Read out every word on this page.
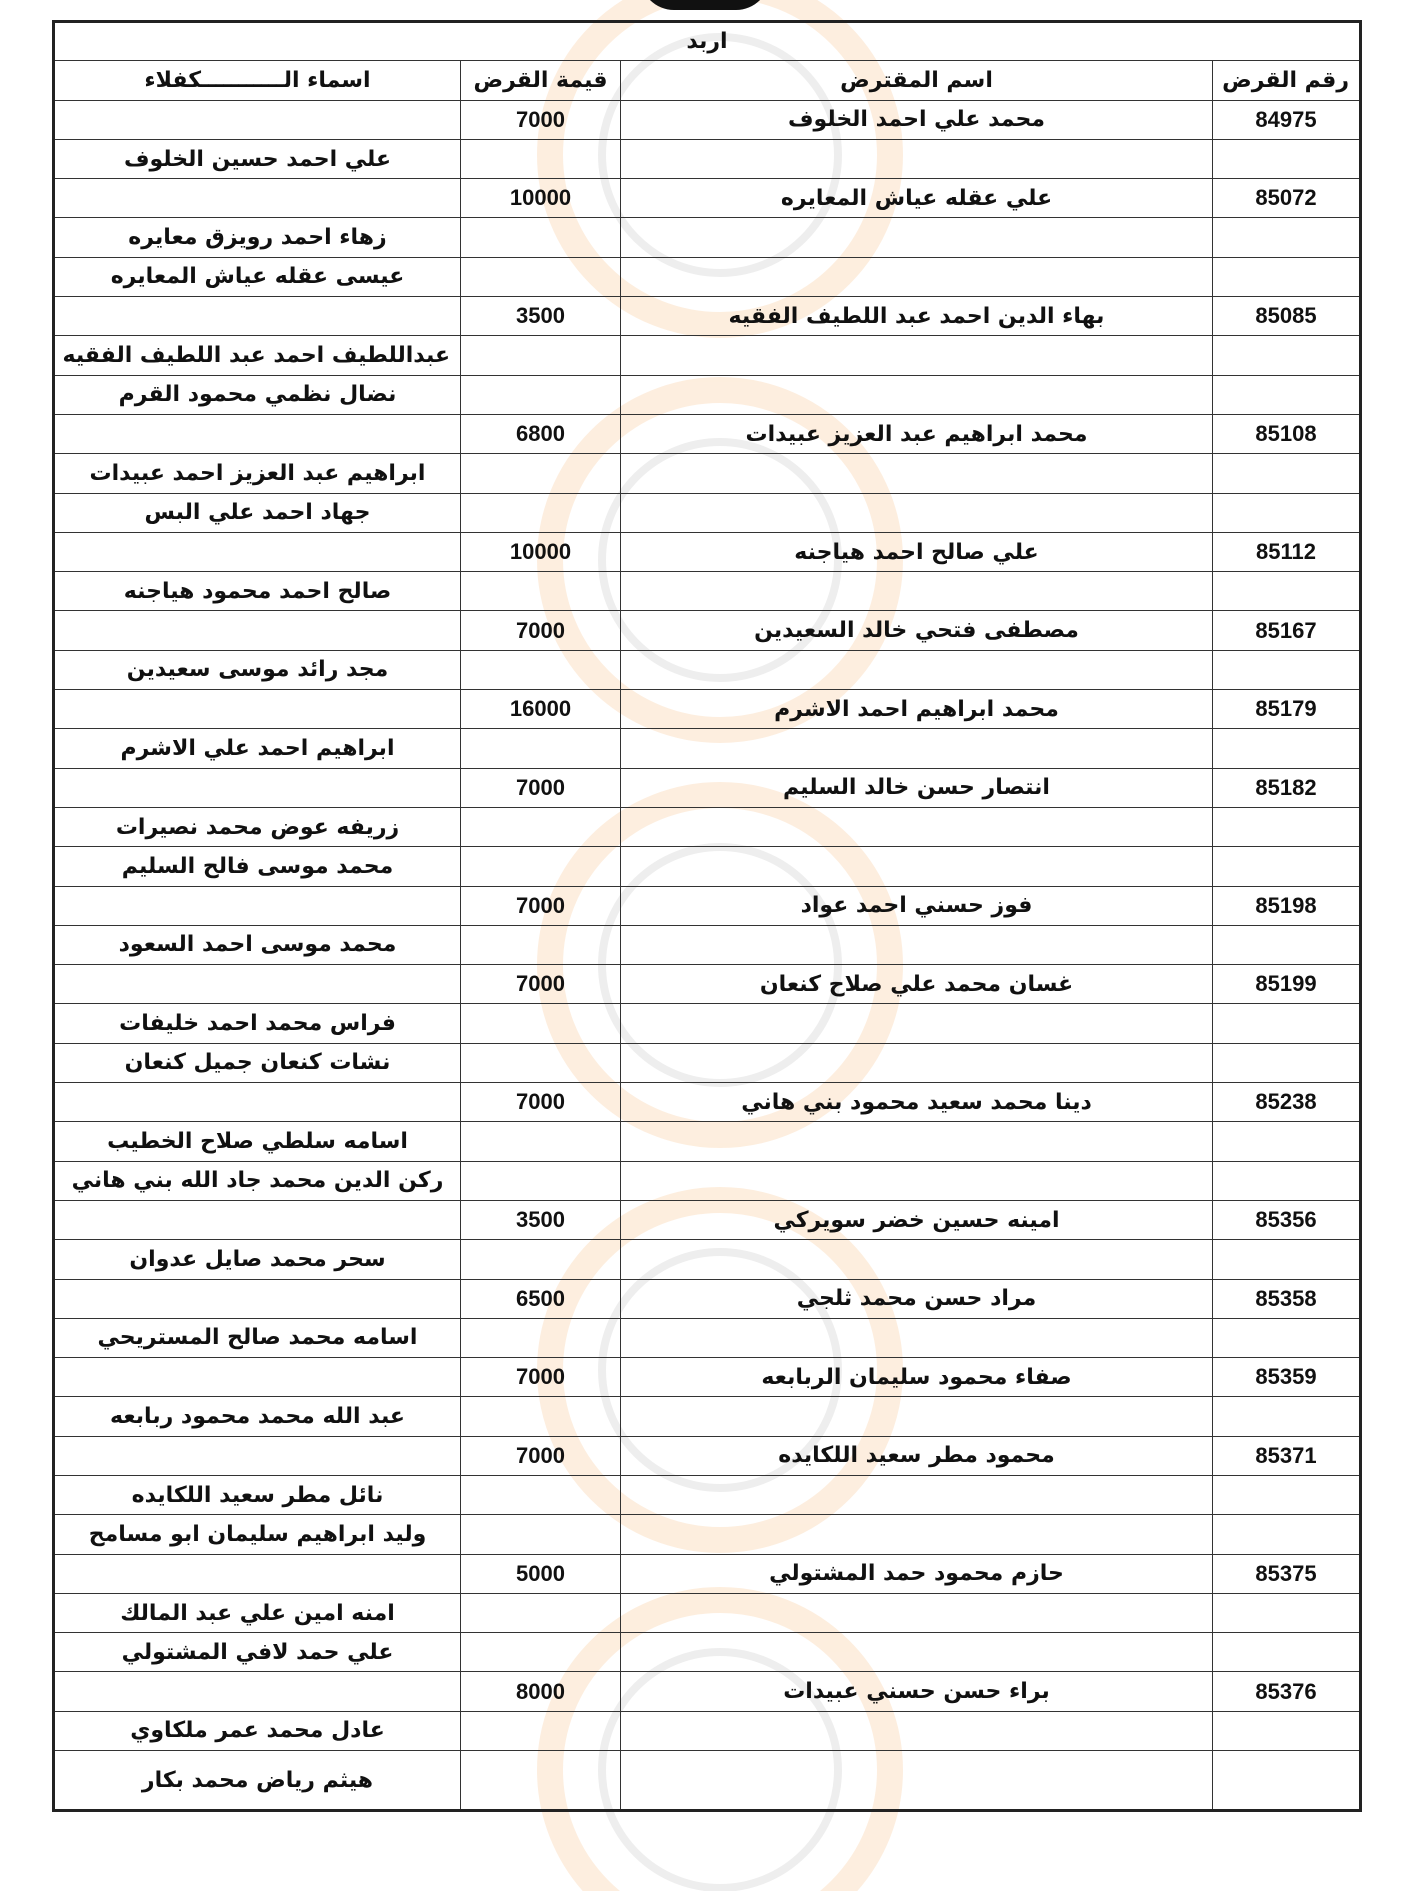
اربد			
رقم القرض	اسم المقترض	قيمة القرض	اسماء الـــــــــــكفلاء
84975	محمد علي احمد الخلوف	7000	
			علي احمد حسين الخلوف
85072	علي عقله عياش المعايره	10000	
			زهاء احمد رويزق معايره
			عيسى عقله عياش المعايره
85085	بهاء الدين احمد عبد اللطيف الفقيه	3500	
			عبداللطيف احمد عبد اللطيف الفقيه
			نضال نظمي محمود القرم
85108	محمد ابراهيم عبد العزيز عبيدات	6800	
			ابراهيم عبد العزيز احمد عبيدات
			جهاد احمد علي البس
85112	علي صالح احمد هياجنه	10000	
			صالح احمد محمود هياجنه
85167	مصطفى فتحي خالد السعيدين	7000	
			مجد رائد موسى سعيدين
85179	محمد ابراهيم احمد الاشرم	16000	
			ابراهيم احمد علي الاشرم
85182	انتصار حسن خالد السليم	7000	
			زريفه عوض محمد نصيرات
			محمد موسى فالح السليم
85198	فوز حسني احمد عواد	7000	
			محمد موسى احمد السعود
85199	غسان محمد علي صلاح كنعان	7000	
			فراس محمد احمد خليفات
			نشات كنعان جميل كنعان
85238	دينا محمد سعيد محمود بني هاني	7000	
			اسامه سلطي صلاح الخطيب
			ركن الدين محمد جاد الله بني هاني
85356	امينه حسين خضر سويركي	3500	
			سحر محمد صايل عدوان
85358	مراد حسن محمد ثلجي	6500	
			اسامه محمد صالح المستريحي
85359	صفاء محمود سليمان الربابعه	7000	
			عبد الله محمد محمود ربابعه
85371	محمود مطر سعيد اللكايده	7000	
			نائل مطر سعيد اللكايده
			وليد ابراهيم سليمان ابو مسامح
85375	حازم محمود حمد المشتولي	5000	
			امنه امين علي عبد المالك
			علي حمد لافي المشتولي
85376	براء حسن حسني عبيدات	8000	
			عادل محمد عمر ملكاوي
			هيثم رياض محمد بكار
